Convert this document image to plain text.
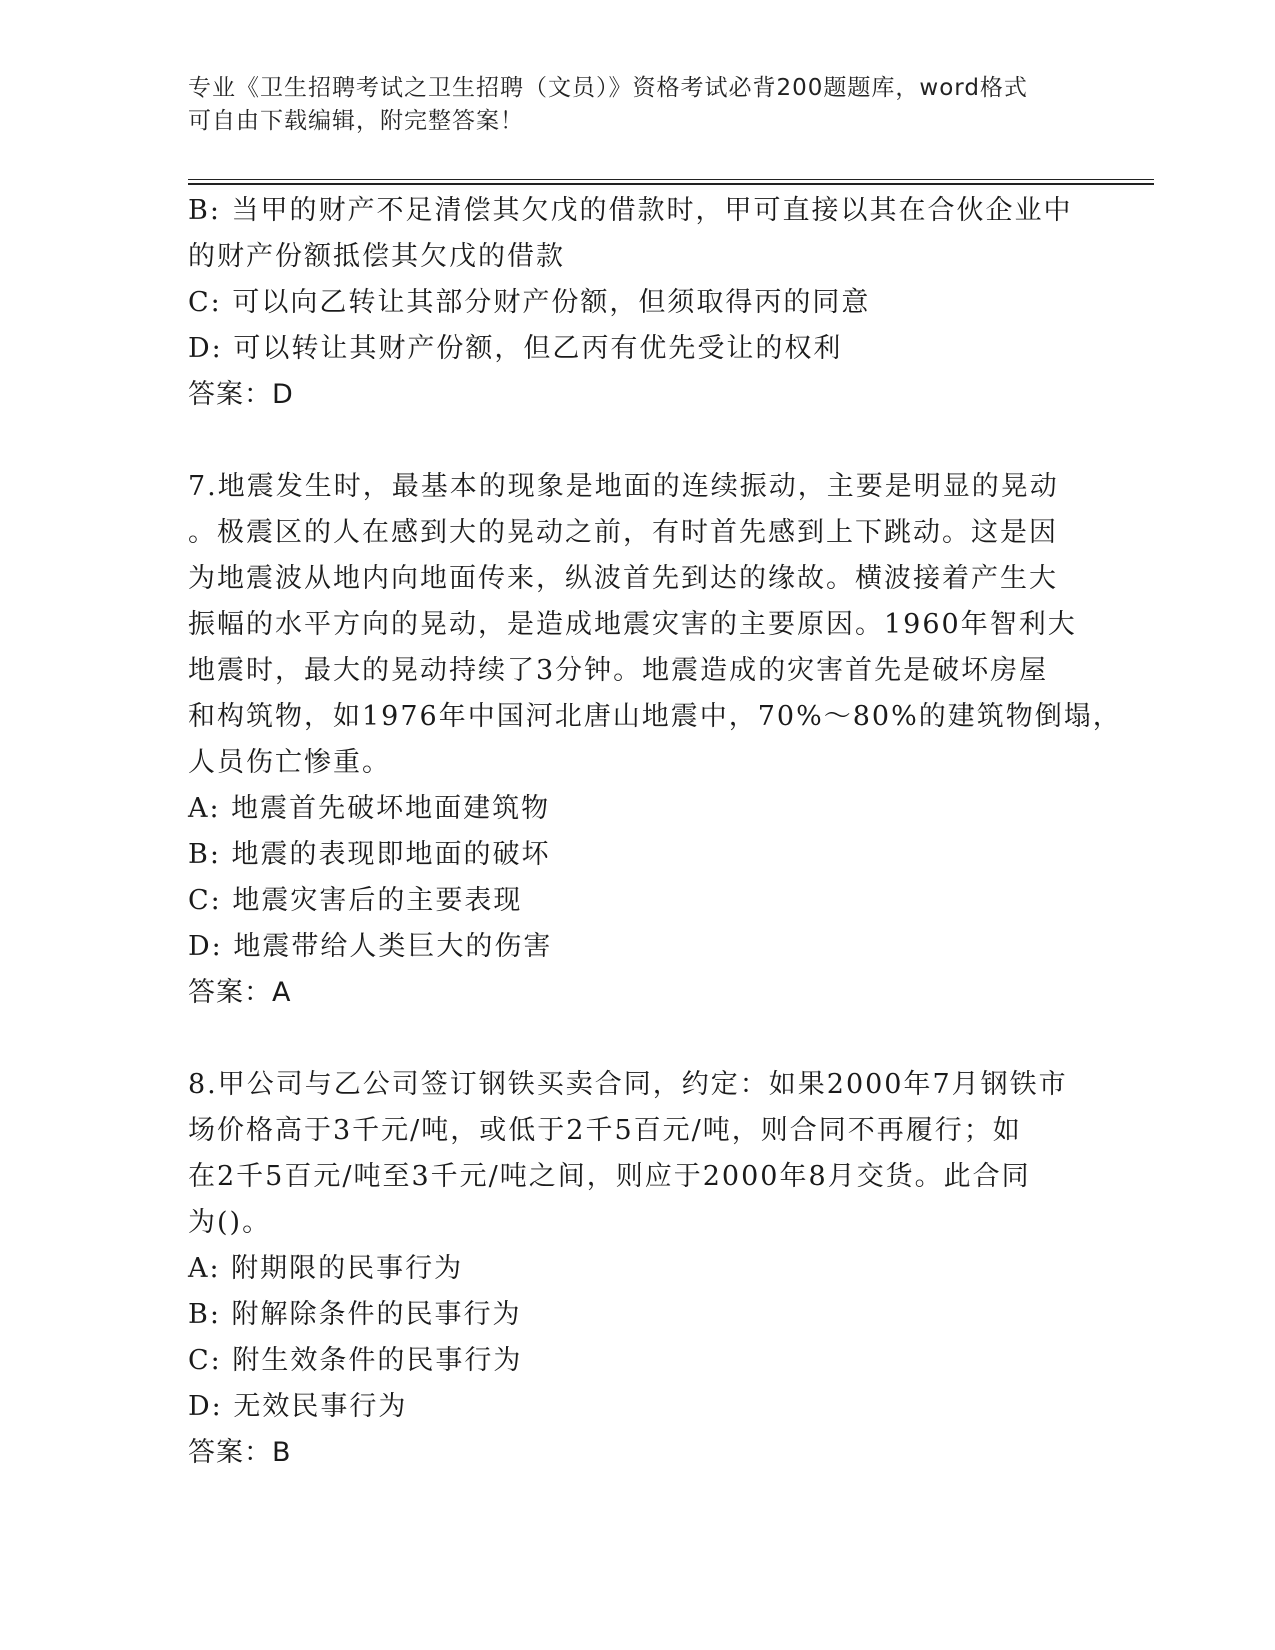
专业《卫生招聘考试之卫生招聘（文员）》资格考试必背200题题库，word格式
可自由下载编辑，附完整答案！
B: 当甲的财产不足清偿其欠戊的借款时，甲可直接以其在合伙企业中
的财产份额抵偿其欠戊的借款
C: 可以向乙转让其部分财产份额，但须取得丙的同意
D: 可以转让其财产份额，但乙丙有优先受让的权利
答案：D
7.地震发生时，最基本的现象是地面的连续振动，主要是明显的晃动
。极震区的人在感到大的晃动之前，有时首先感到上下跳动。这是因
为地震波从地内向地面传来，纵波首先到达的缘故。横波接着产生大
振幅的水平方向的晃动，是造成地震灾害的主要原因。1960年智利大
地震时，最大的晃动持续了3分钟。地震造成的灾害首先是破坏房屋
和构筑物，如1976年中国河北唐山地震中，70%～80%的建筑物倒塌，
人员伤亡惨重。
A: 地震首先破坏地面建筑物
B: 地震的表现即地面的破坏
C: 地震灾害后的主要表现
D: 地震带给人类巨大的伤害
答案：A
8.甲公司与乙公司签订钢铁买卖合同，约定：如果2000年7月钢铁市
场价格高于3千元/吨，或低于2千5百元/吨，则合同不再履行；如
在2千5百元/吨至3千元/吨之间，则应于2000年8月交货。此合同
为()。
A: 附期限的民事行为
B: 附解除条件的民事行为
C: 附生效条件的民事行为
D: 无效民事行为
答案：B
